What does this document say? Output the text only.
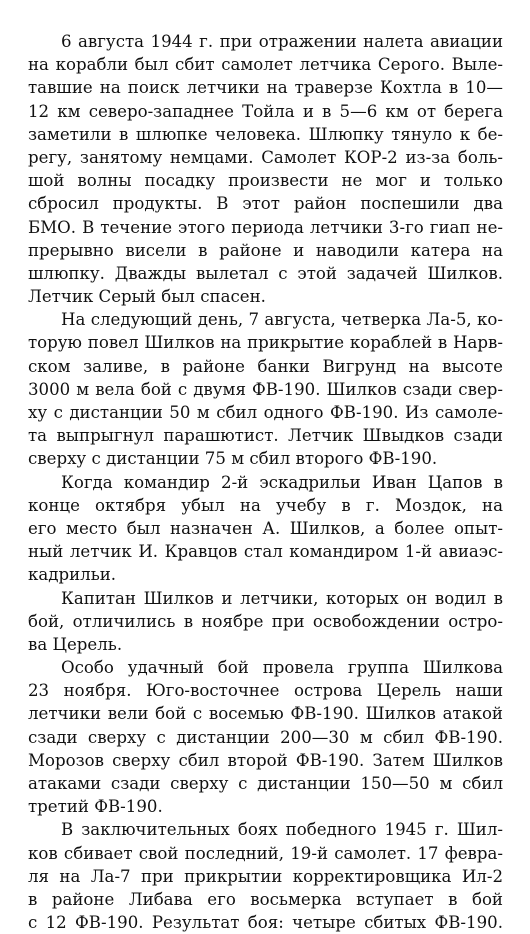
6 августа 1944 г. при отражении налета авиации
на корабли был сбит самолет летчика Серого. Выле-
тавшие на поиск летчики на траверзе Кохтла в 10—
12 км северо-западнее Тойла и в 5—6 км от берега
заметили в шлюпке человека. Шлюпку тянуло к бе-
регу, занятому немцами. Самолет КОР-2 из-за боль-
шой волны посадку произвести не мог и только
сбросил продукты. В этот район поспешили два
БМО. В течение этого периода летчики 3-го гиап не-
прерывно висели в районе и наводили катера на
шлюпку. Дважды вылетал с этой задачей Шилков.
Летчик Серый был спасен.
На следующий день, 7 августа, четверка Ла-5, ко-
торую повел Шилков на прикрытие кораблей в Нарв-
ском заливе, в районе банки Вигрунд на высоте
3000 м вела бой с двумя ФВ-190. Шилков сзади свер-
ху с дистанции 50 м сбил одного ФВ-190. Из самоле-
та выпрыгнул парашютист. Летчик Швыдков сзади
сверху с дистанции 75 м сбил второго ФВ-190.
Когда командир 2-й эскадрильи Иван Цапов в
конце октября убыл на учебу в г. Моздок, на
его место был назначен А. Шилков, а более опыт-
ный летчик И. Кравцов стал командиром 1-й авиаэс-
кадрильи.
Капитан Шилков и летчики, которых он водил в
бой, отличились в ноябре при освобождении остро-
ва Церель.
Особо удачный бой провела группа Шилкова
23 ноября. Юго-восточнее острова Церель наши
летчики вели бой с восемью ФВ-190. Шилков атакой
сзади сверху с дистанции 200—30 м сбил ФВ-190.
Морозов сверху сбил второй ФВ-190. Затем Шилков
атаками сзади сверху с дистанции 150—50 м сбил
третий ФВ-190.
В заключительных боях победного 1945 г. Шил-
ков сбивает свой последний, 19-й самолет. 17 февра-
ля на Ла-7 при прикрытии корректировщика Ил-2
в районе Либава его восьмерка вступает в бой
с 12 ФВ-190. Результат боя: четыре сбитых ФВ-190.
